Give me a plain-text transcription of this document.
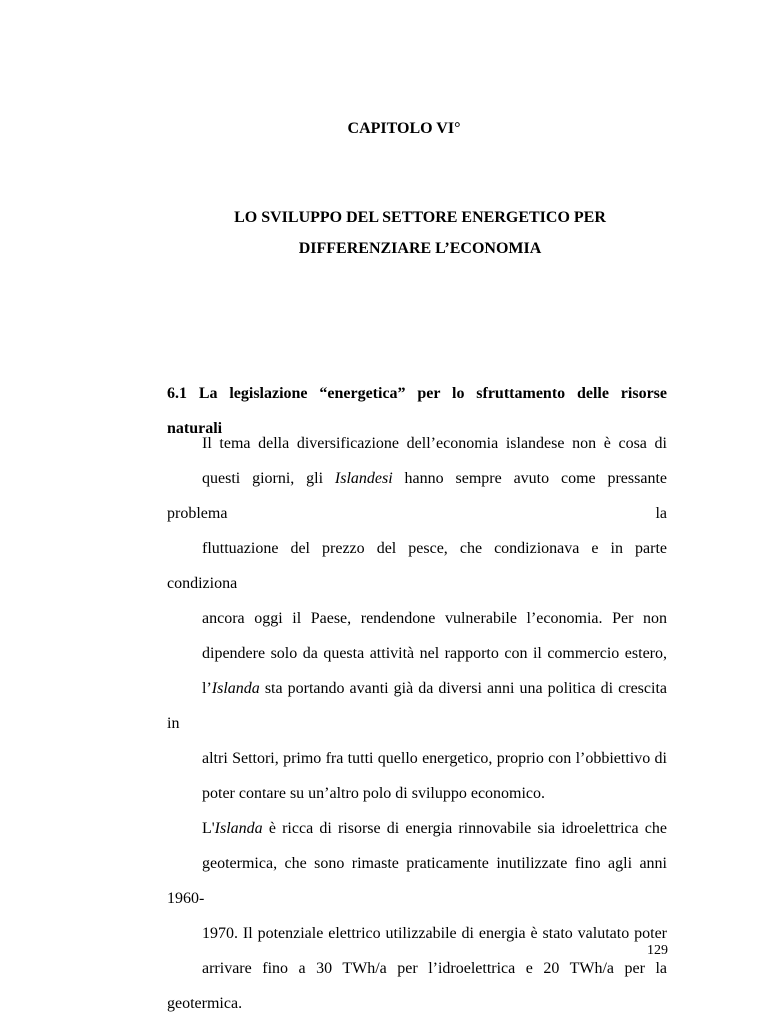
CAPITOLO VI°
LO SVILUPPO DEL SETTORE ENERGETICO PER
DIFFERENZIARE L’ECONOMIA
6.1 La legislazione “energetica” per lo sfruttamento delle risorse
naturali
Il tema della diversificazione dell’economia islandese non è cosa di
questi giorni, gli Islandesi hanno sempre avuto come pressante problema la
fluttuazione del prezzo del pesce, che condizionava e in parte condiziona
ancora oggi il Paese, rendendone vulnerabile l’economia. Per non
dipendere solo da questa attività nel rapporto con il commercio estero,
l’Islanda sta portando avanti già da diversi anni una politica di crescita in
altri Settori, primo fra tutti quello energetico, proprio con l’obbiettivo di
poter contare su un’altro polo di sviluppo economico.
L'Islanda è ricca di risorse di energia rinnovabile sia idroelettrica che
geotermica, che sono rimaste praticamente inutilizzate fino agli anni 1960-
1970. Il potenziale elettrico utilizzabile di energia è stato valutato poter
arrivare fino a 30 TWh/a per l’idroelettrica e 20 TWh/a per la geotermica.
129
